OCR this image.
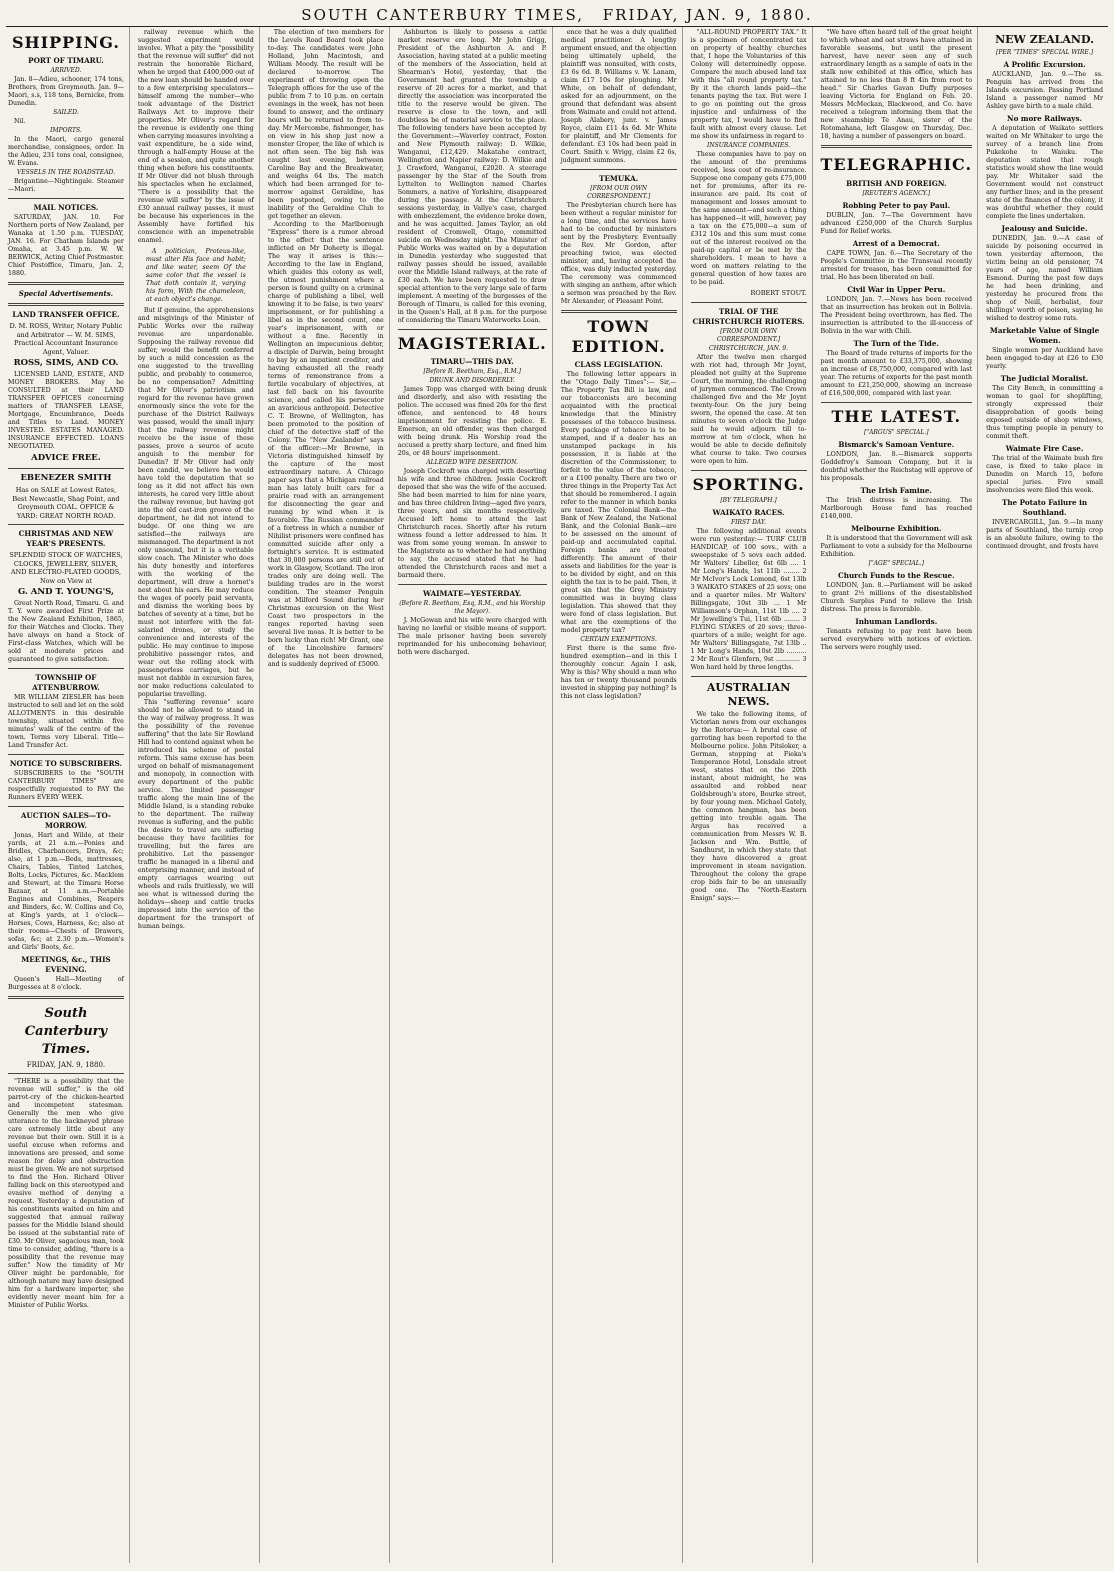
SOUTH CANTERBURY TIMES, FRIDAY, JAN. 9, 1880.
SHIPPING.
PORT OF TIMARU.
ARRIVED.

Jan. 8—Adieu, schooner, 174 tons, Brothers, from Greymouth. Jan. 9—Maori, s.s, 118 tons, Bernicke, from Dunedin.

SAILED.

Nil.

IMPORTS.

In the Maori, cargo general merchandise, consignees, order. In the Adieu, 231 tons coal, consignee, W. Evans.

VESSELS IN THE ROADSTEAD.

Brigantine—Nightingale. Steamer—Maori.

MAIL NOTICES.

SATURDAY, JAN. 10. For Northern ports of New Zealand, per Wanaka at 1.50 p.m. TUESDAY, JAN. 16. For Chatham Islands per Omaha, at 3.45 p.m. W. W. BERWICK, Acting Chief Postmaster. Chief Postoffice, Timaru, Jan. 2, 1880.

Special Advertisements.
LAND TRANSFER OFFICE.
D. M. ROSS, Writer, Notary Public and Arbitrator — W. M. SIMS, Practical Accountant Insurance Agent, Valuer.
ROSS, SIMS, AND CO.

LICENSED LAND, ESTATE, AND MONEY BROKERS. May be CONSULTED at their LAND TRANSFER OFFICES concerning matters of TRANSFER LEASE, Mortgage, Encumbrance, Deeds and Titles to Land. MONEY INVESTED. ESTATES MANAGED. INSURANCE EFFECTED. LOANS NEGOTIATED.

ADVICE FREE.
EBENEZER SMITH
Has on SALE at Lowest Rates, Best Newcastle, Shag Point, and Greymouth COAL. OFFICE & YARD: GREAT NORTH ROAD.
CHRISTMAS AND NEW YEAR'S PRESENTS.
SPLENDID STOCK OF WATCHES, CLOCKS, JEWELLERY, SILVER, AND ELECTRO-PLATED GOODS, Now on View at
G. AND T. YOUNG'S,

Great North Road, Timaru. G. and T. Y. were awarded First Prize at the New Zealand Exhibition, 1865, for their Watches and Clocks. They have always on hand a Stock of First-class Watches, which will be sold at moderate prices and guaranteed to give satisfaction.

TOWNSHIP OF ATTENBURROW.

MR WILLIAM ZIESLER has been instructed to sell and let on the sold ALLOTMENTS in this desirable township, situated within five minutes' walk of the centre of the town. Terms very Liberal. Title—Land Transfer Act.

NOTICE TO SUBSCRIBERS.

SUBSCRIBERS to the "SOUTH CANTERBURY TIMES" are respectfully requested to PAY the Runners EVERY WEEK.

AUCTION SALES—TO-MORROW.

Jonas, Hart and Wilde, at their yards, at 21 a.m.—Ponies and Bridles, Charbancers, Drays, &c; also, at 1 p.m.—Beds, mattresses, Chairs, Tables, Tinted Latches, Bolts, Locks, Pictures, &c. Macklem and Stewart, at the Timaru Horse Bazaar, at 11 a.m.—Portable Engines and Combines, Reapers and Binders, &c. W. Collins and Co, at King's yards, at 1 o'clock—Horses, Cows, Harness, &c; also at their rooms—Chests of Drawers, sofas, &c; at 2.30 p.m.—Women's and Girls' Boots, &c.

MEETINGS, &c., THIS EVENING.

Queen's Hall—Meeting of Burgesses at 8 o'clock.

South Canterbury Times.
FRIDAY, JAN. 9, 1880.

"THERE is a possibility that the revenue will suffer," is the old parrot-cry of the chicken-hearted and incompetent statesman. Generally the men who give utterance to the hackneyed phrase care extremely little about any revenue but their own. Still it is a useful excuse when reforms and innovations are pressed, and some reason for delay and obstruction must be given. We are not surprised to find the Hon. Richard Oliver falling back on this stereotyped and evasive method of denying a request. Yesterday a deputation of his constituents waited on him and suggested that annual railway passes for the Middle Island should be issued at the substantial rate of £30. Mr Oliver, sagacious man, took time to consider, adding, "there is a possibility that the revenue may suffer." Now the timidity of Mr Oliver might be pardonable, for although nature may have designed him for a hardware importer, she evidently never meant him for a Minister of Public Works.

railway revenue which the suggested experiment would involve. What a pity the "possibility that the revenue will suffer" did not restrain the honorable Richard, when he urged that £400,000 out of the new loan should be handed over to a few enterprising speculators—himself among the number—who took advantage of the District Railways Act to improve their properties. Mr Oliver's regard for the revenue is evidently one thing when carrying measures involving a vast expenditure, he a side wind, through a half-empty House at the end of a session, and quite another thing when before his constituents. If Mr Oliver did not blush through his spectacles when he exclaimed, "There is a possibility that the revenue will suffer" by the issue of £30 annual railway passes, it must be because his experiences in the Assembly have fortified his conscience with an impenetrable enamel.

A politician, Proteus-like, must alter His face and habit; and like water, seem Of the same color that the vessel is That doth contain it, varying his form, With the chameleon, at each object's change.

But if genuine, the apprehensions and misgivings of the Minister of Public Works over the railway revenue are unpardonable. Supposing the railway revenue did suffer, would the benefit conferred by such a mild concession as the one suggested to the travelling public, and probably to commerce, be no compensation? Admitting that Mr Oliver's patriotism and regard for the revenue have grown enormously since the vote for the purchase of the District Railways was passed, would the small injury that the railway revenue might receive be the issue of these passes, prove a source of acute anguish to the member for Dunedin? If Mr Oliver had only been candid, we believe he would have told the deputation that so long as it did not affect his own interests, he cared very little about the railway revenue, but having got into the old cast-iron groove of the department, he did not intend to budge. Of one thing we are satisfied—the railways are mismanaged. The department is not only unsound, but it is a veritable slow coach. The Minister who does his duty honestly and interferes with the working of the department, will draw a hornet's nest about his ears. He may reduce the wages of poorly paid servants, and dismiss the working bees by batches of seventy at a time, but he must not interfere with the fat-salaried drones, or study the convenience and interests of the public. He may continue to impose prohibitive passenger rates, and wear out the rolling stock with passengerless carriages, but he must not dabble in excursion fares, nor make reductions calculated to popularise travelling.

This "suffering revenue" scare should not be allowed to stand in the way of railway progress. It was the possibility of the revenue suffering" that the late Sir Rowland Hill had to contend against when he introduced his scheme of postal reform. This same excuse has been urged on behalf of mismanagement and monopoly, in connection with every department of the public service. The limited passenger traffic along the main line of the Middle Island, is a standing rebuke to the department. The railway revenue is suffering, and the public the desire to travel are suffering because they have facilities for travelling, but the fares are prohibitive. Let the passenger traffic be managed in a liberal and enterprising manner, and instead of empty carriages wearing out wheels and rails fruitlessly, we will see what is witnessed during the holidays—sheep and cattle trucks impressed into the service of the department for the transport of human beings.

The election of two members for the Levels Road Board took place to-day. The candidates were John Holland, John Macintosh, and William Moody. The result will be declared to-morrow. The experiment of throwing open the Telegraph offices for the use of the public from 7 to 10 p.m. on certain evenings in the week, has not been found to answer, and the ordinary hours will be returned to from to-day. Mr Mercombe, fishmonger, has on view in his shop just now a monster Groper, the like of which is not often seen. The big fish was caught last evening, between Caroline Bay and the Breakwater, and weighs 64 lbs. The match which had been arranged for to-morrow against Geraldine, has been postponed, owing to the inability of the Geraldine Club to get together an eleven.

According to the Marlborough "Express" there is a rumor abroad to the effect that the sentence inflicted on Mr Doherty is illegal. The way it arises is this:—According to the law in England, which guides this colony as well, the utmost punishment where a person is found guilty on a criminal charge of publishing a libel, well knowing it to be false, is two years' imprisonment, or for publishing a libel as in the second count, one year's imprisonment, with or without a fine. Recently in Wellington an impecunious debtor, a disciple of Darwin, being brought to bay by an impatient creditor, and having exhausted all the ready terms of remonstrance from a fertile vocabulary of objectives, at last fell back on his favourite science, and called his persecutor an avaricious anthropoid. Detective C. T. Browne, of Wellington, has been promoted to the position of chief of the detective staff of the Colony. The "New Zealander" says of the officer:—Mr Browne, in Victoria distinguished himself by the capture of the most extraordinary nature. A Chicago paper says that a Michigan railroad man has lately built cars for a prairie road with an arrangement for disconnecting the gear and running by wind when it is favorable. The Russian commander of a fortress in which a number of Nihilist prisoners were confined has committed suicide after only a fortnight's service. It is estimated that 30,000 persons are still out of work in Glasgow, Scotland. The iron trades only are doing well. The building trades are in the worst condition. The steamer Penguin was at Milford Sound during her Christmas excursion on the West Coast two prospectors in the ranges reported having seen several live moas. It is better to be born lucky than rich! Mr Grant, one of the Lincolnshire farmers' delegates has not been drowned, and is suddenly deprived of £5000.

Ashburton is likely to possess a cattle market reserve ere long. Mr John Grigg, President of the Ashburton A. and P. Association, having stated at a public meeting of the members of the Association, held at Shearman's Hotel, yesterday, that the Government had granted the township a reserve of 20 acres for a market, and that directly the association was incorporated the title to the reserve would be given. The reserve is close to the town, and will doubtless be of material service to the place. The following tenders have been accepted by the Government:—Waverley contract, Foxton and New Plymouth railway: D. Wilkie, Wanganui, £12,429. Makatahe contract, Wellington and Napier railway: D. Wilkie and J. Crawford, Wanganui, £2020. A steerage passenger by the Star of the South from Lyttelton to Wellington named Charles Sommers, a native of Yorkshire, disappeared during the passage. At the Christchurch sessions yesterday, in Vallye's case, charged with embezzlement, the evidence broke down, and he was acquitted. James Taylor, an old resident of Cromwell, Otago, committed suicide on Wednesday night. The Minister of Public Works was waited on by a deputation in Dunedin yesterday who suggested that railway passes should be issued, available over the Middle Island railways, at the rate of £30 each. We have been requested to draw special attention to the very large sale of farm implement. A meeting of the burgesses of the Borough of Timaru, is called for this evening, in the Queen's Hall, at 8 p.m. for the purpose of considering the Timaru Waterworks Loan.

MAGISTERIAL.
TIMARU—THIS DAY.
[Before R. Beetham, Esq., R.M.]
DRUNK AND DISORDERLY.

James Topp was charged with being drunk and disorderly, and also with resisting the police. The accused was fined 20s for the first offence, and sentenced to 48 hours imprisonment for resisting the police. E. Emerson, an old offender, was then charged with being drunk. His Worship read the accused a pretty sharp lecture, and fined him 20s, or 48 hours' imprisonment.

ALLEGED WIFE DESERTION.

Joseph Cockroft was charged with deserting his wife and three children. Jessie Cockroft deposed that she was the wife of the accused. She had been married to him for nine years, and has three children living—aged five years, three years, and six months respectively. Accused left home to attend the last Christchurch races. Shortly after his return witness found a letter addressed to him. It was from some young woman. In answer to the Magistrate as to whether he had anything to say, the accused stated that he had attended the Christchurch races and met a barmaid there.

WAIMATE—YESTERDAY.
(Before R. Beetham, Esq, R.M., and his Worship the Mayor).

J. McGowan and his wife were charged with having no lawful or visible means of support. The male prisoner having been severely reprimanded for his unbecoming behaviour, both were discharged.

ence that he was a duly qualified medical practitioner. A lengthy argument ensued, and the objection being ultimately upheld, the plaintiff was nonsuited, with costs, £3 6s 6d. B. Williams v. W. Lanam, claim £17 10s for ploughing. Mr White, on behalf of defendant, asked for an adjournment, on the ground that defendant was absent from Waimate and could not attend. Joseph Alabery, junr. v. James Royce, claim £11 4s 6d. Mr White for plaintiff, and Mr Clements for defendant. £3 10s had been paid in Court. Smith v. Wrigg, claim £2 6s, judgment summons.

TEMUKA.
[FROM OUR OWN CORRESPONDENT.]

The Presbyterian church here has been without a regular minister for a long time, and the services have had to be conducted by ministers sent by the Presbytery. Eventually the Rev. Mr Gordon, after preaching twice, was elected minister, and, having accepted the office, was duly inducted yesterday. The ceremony was commenced with singing an anthem, after which a sermon was preached by the Rev. Mr Alexander, of Pleasant Point.

TOWN EDITION.
CLASS LEGISLATION.

The following letter appears in the "Otago Daily Times":— Sir,—The Property Tax Bill is law, and our tobacconists are becoming acquainted with the practical knowledge that the Ministry possesses of the tobacco business. Every package of tobacco is to be stamped, and if a dealer has an unstamped package in his possession, it is liable at the discretion of the Commissioner, to forfeit to the value of the tobacco, or a £100 penalty. There are two or three things in the Property Tax Act that should be remembered. I again refer to the manner in which banks are taxed. The Colonial Bank—the Bank of New Zealand, the National Bank, and the Colonial Bank—are to be assessed on the amount of paid-up and accumulated capital. Foreign banks are treated differently. The amount of their assets and liabilities for the year is to be divided by eight, and on this eighth the tax is to be paid. Then, it great sin that the Grey Ministry committed was in buying class legislation. This showed that they were fond of class legislation. But what are the exemptions of the model property tax?

CERTAIN EXEMPTIONS.

First there is the same five-hundred exemption—and in this I thoroughly concur. Again I ask, Why is this? Why should a man who has ten or twenty thousand pounds invested in shipping pay nothing? Is this not class legislation?

"ALL-ROUND PROPERTY TAX." It is a specimen of concentrated tax on property of healthy churches that, I hope the Voluntaries of this Colony will determinedly oppose. Compare the much abused land tax with this "all round property tax." By it the church lands paid—the tenants paying the tax. But were I to go on pointing out the gross injustice and unfairness of the property tax, I would have to find fault with almost every clause. Let me show its unfairness in regard to

INSURANCE COMPANIES.

These companies have to pay on the amount of the premiums received, less cost of re-insurance. Suppose one company gets £75,000 net for premiums, after its re-insurance are paid. Its cost of management and losses amount to the same amount—and such a thing has happened—it will, however, pay a tax on the £75,000—a sum of £312 10s and this sum must come out of the interest received on the paid-up capital or be met by the shareholders. I mean to have a word on matters relating to the general question of how taxes are to be paid.

ROBERT STOUT.
TRIAL OF THE CHRISTCHURCH RIOTERS.
[FROM OUR OWN CORRESPONDENT.]
CHRISTCHURCH, JAN. 9.

After the twelve men charged with riot had, through Mr Joynt, pleaded not guilty at the Supreme Court, the morning, the challenging of jurymen commenced. The Crown challenged five and the Mr Joynt twenty-four. On the jury being sworn, the opened the case. At ten minutes to seven o'clock the Judge said he would adjourn till to-morrow at ten o'clock, when he would be able to decide definitely what course to take. Two courses were open to him.

SPORTING.
[BY TELEGRAPH.]
WAIKATO RACES.
FIRST DAY.

The following additional events were run yesterday:— TURF CLUB HANDICAP, of 100 sovs., with a sweepstake of 5 sovs each added. Mr Walters' Libeller, 6st 6lb .... 1 Mr Long's Hands, 1st 11lb ........ 2 Mr McIvor's Lock Lomond, 6st 13lb 3 WAIKATO STAKES of 25 sovs; one and a quarter miles. Mr Walters' Billingsgate, 10st 3lb ... 1 Mr Williamson's Orphan, 11st 1lb .... 2 Mr Jewelling's Tui, 11st 6lb ........ 3 FLYING STAKES of 20 sovs; three-quarters of a mile; weight for age. Mr Walters' Billingsgate, 7st 13lb .. 1 Mr Long's Hands, 10st 2lb .......... 2 Mr Rout's Glenfern, 9st ............ 3 Won hard held by three lengths.

AUSTRALIAN NEWS.

We take the following items, of Victorian news from our exchanges by the Rotorua:— A brutal case of garroting has been reported to the Melbourne police. John Pitsloker, a German, stopping at Fieka's Temperance Hotel, Lonsdale street west, states that on the 20th instant, about midnight, he was assaulted and robbed near Goldsbrough's store, Bourke street, by four young men. Michael Gately, the common hangman, has been getting into trouble again. The Argus has received a communication from Messrs W. B. Jackson and Wm. Buttle, of Sandhurst, in which they state that they have discovered a great improvement in steam navigation. Throughout the colony the grape crop bids fair to be an unusually good one. The "North-Eastern Ensign" says:—

"We have often heard tell of the great height to which wheat and oat straws have attained in favorable seasons, but until the present harvest, have never seen any of such extraordinary length as a sample of oats in the stalk now exhibited at this office, which has attained to no less than 8 ft 4in from root to head." Sir Charles Gavan Duffy purposes leaving Victoria for England on Feb. 20. Messrs McMeckan, Blackwood, and Co. have received a telegram informing them that the new steamship Te Anau, sister of the Rotomahana, left Glasgow on Thursday, Dec. 18, having a number of passengers on board.

TELEGRAPHIC.
BRITISH AND FOREIGN.
[REUTER'S AGENCY.]
Robbing Peter to pay Paul.

DUBLIN, Jan. 7—The Government have advanced £250,000 of the Church Surplus Fund for Relief works.

Arrest of a Democrat.

CAPE TOWN, Jan. 6.—The Secretary of the People's Committee in the Transvaal recently arrested for treason, has been committed for trial. He has been liberated on bail.

Civil War in Upper Peru.

LONDON, Jan. 7.—News has been received that an insurrection has broken out in Bolivia. The President being overthrown, has fled. The insurrection is attributed to the ill-success of Bolivia in the war with Chili.

The Turn of the Tide.

The Board of trade returns of imports for the past month amount to £33,375,000, showing an increase of £8,750,000, compared with last year. The returns of exports for the past month amount to £21,250,000, showing an increase of £16,500,000, compared with last year.

THE LATEST.
["ARGUS" SPECIAL.]
Bismarck's Samoan Venture.

LONDON, Jan. 8.—Bismarck supports Goddefroy's Samoan Company, but it is doubtful whether the Reichstag will approve of his proposals.

The Irish Famine.

The Irish distress is increasing. The Marlborough House fund has reached £140,000.

Melbourne Exhibition.

It is understood that the Government will ask Parliament to vote a subsidy for the Melbourne Exhibition.

["AGE" SPECIAL.]
Church Funds to the Rescue.

LONDON, Jan. 8.—Parliament will be asked to grant 2½ millions of the disestablished Church Surplus Fund to relieve the Irish distress. The press is favorable.

Inhuman Landlords.

Tenants refusing to pay rent have been served everywhere with notices of eviction. The servers were roughly used.

NEW ZEALAND.
[PER "TIMES" SPECIAL WIRE.]
A Prolific Excursion.

AUCKLAND, Jan. 9.—The ss. Penguin has arrived from the Islands excursion. Passing Portland Island a passenger named Mr Ashley gave birth to a male child.

No more Railways.

A deputation of Waikato settlers waited on Mr Whitaker to urge the survey of a branch line from Pukekohe to Waiuku. The deputation stated that rough statistics would show the line would pay. Mr Whitaker said the Government would not construct any further lines; and in the present state of the finances of the colony, it was doubtful whether they could complete the lines undertaken.

Jealousy and Suicide.

DUNEDIN, Jan. 9.—A case of suicide by poisoning occurred in town yesterday afternoon, the victim being an old pensioner, 74 years of age, named William Esmond. During the past few days he had been drinking, and yesterday he procured from the shop of Neill, herbalist, four shillings' worth of poison, saying he wished to destroy some rats.

Marketable Value of Single Women.

Single women per Auckland have been engaged to-day at £26 to £30 yearly.

The Judicial Moralist.

The City Bench, in committing a woman to gaol for shoplifting, strongly expressed their disapprobation of goods being exposed outside of shop windows, thus tempting people in penury to commit theft.

Waimate Fire Case.

The trial of the Waimate bush fire case, is fixed to take place in Dunedin on March 15, before special juries. Five small insolvencies were filed this week.

The Potato Failure in Southland.

INVERCARGILL, Jan. 9.—In many parts of Southland, the turnip crop is an absolute failure, owing to the continued drought, and frosts have
